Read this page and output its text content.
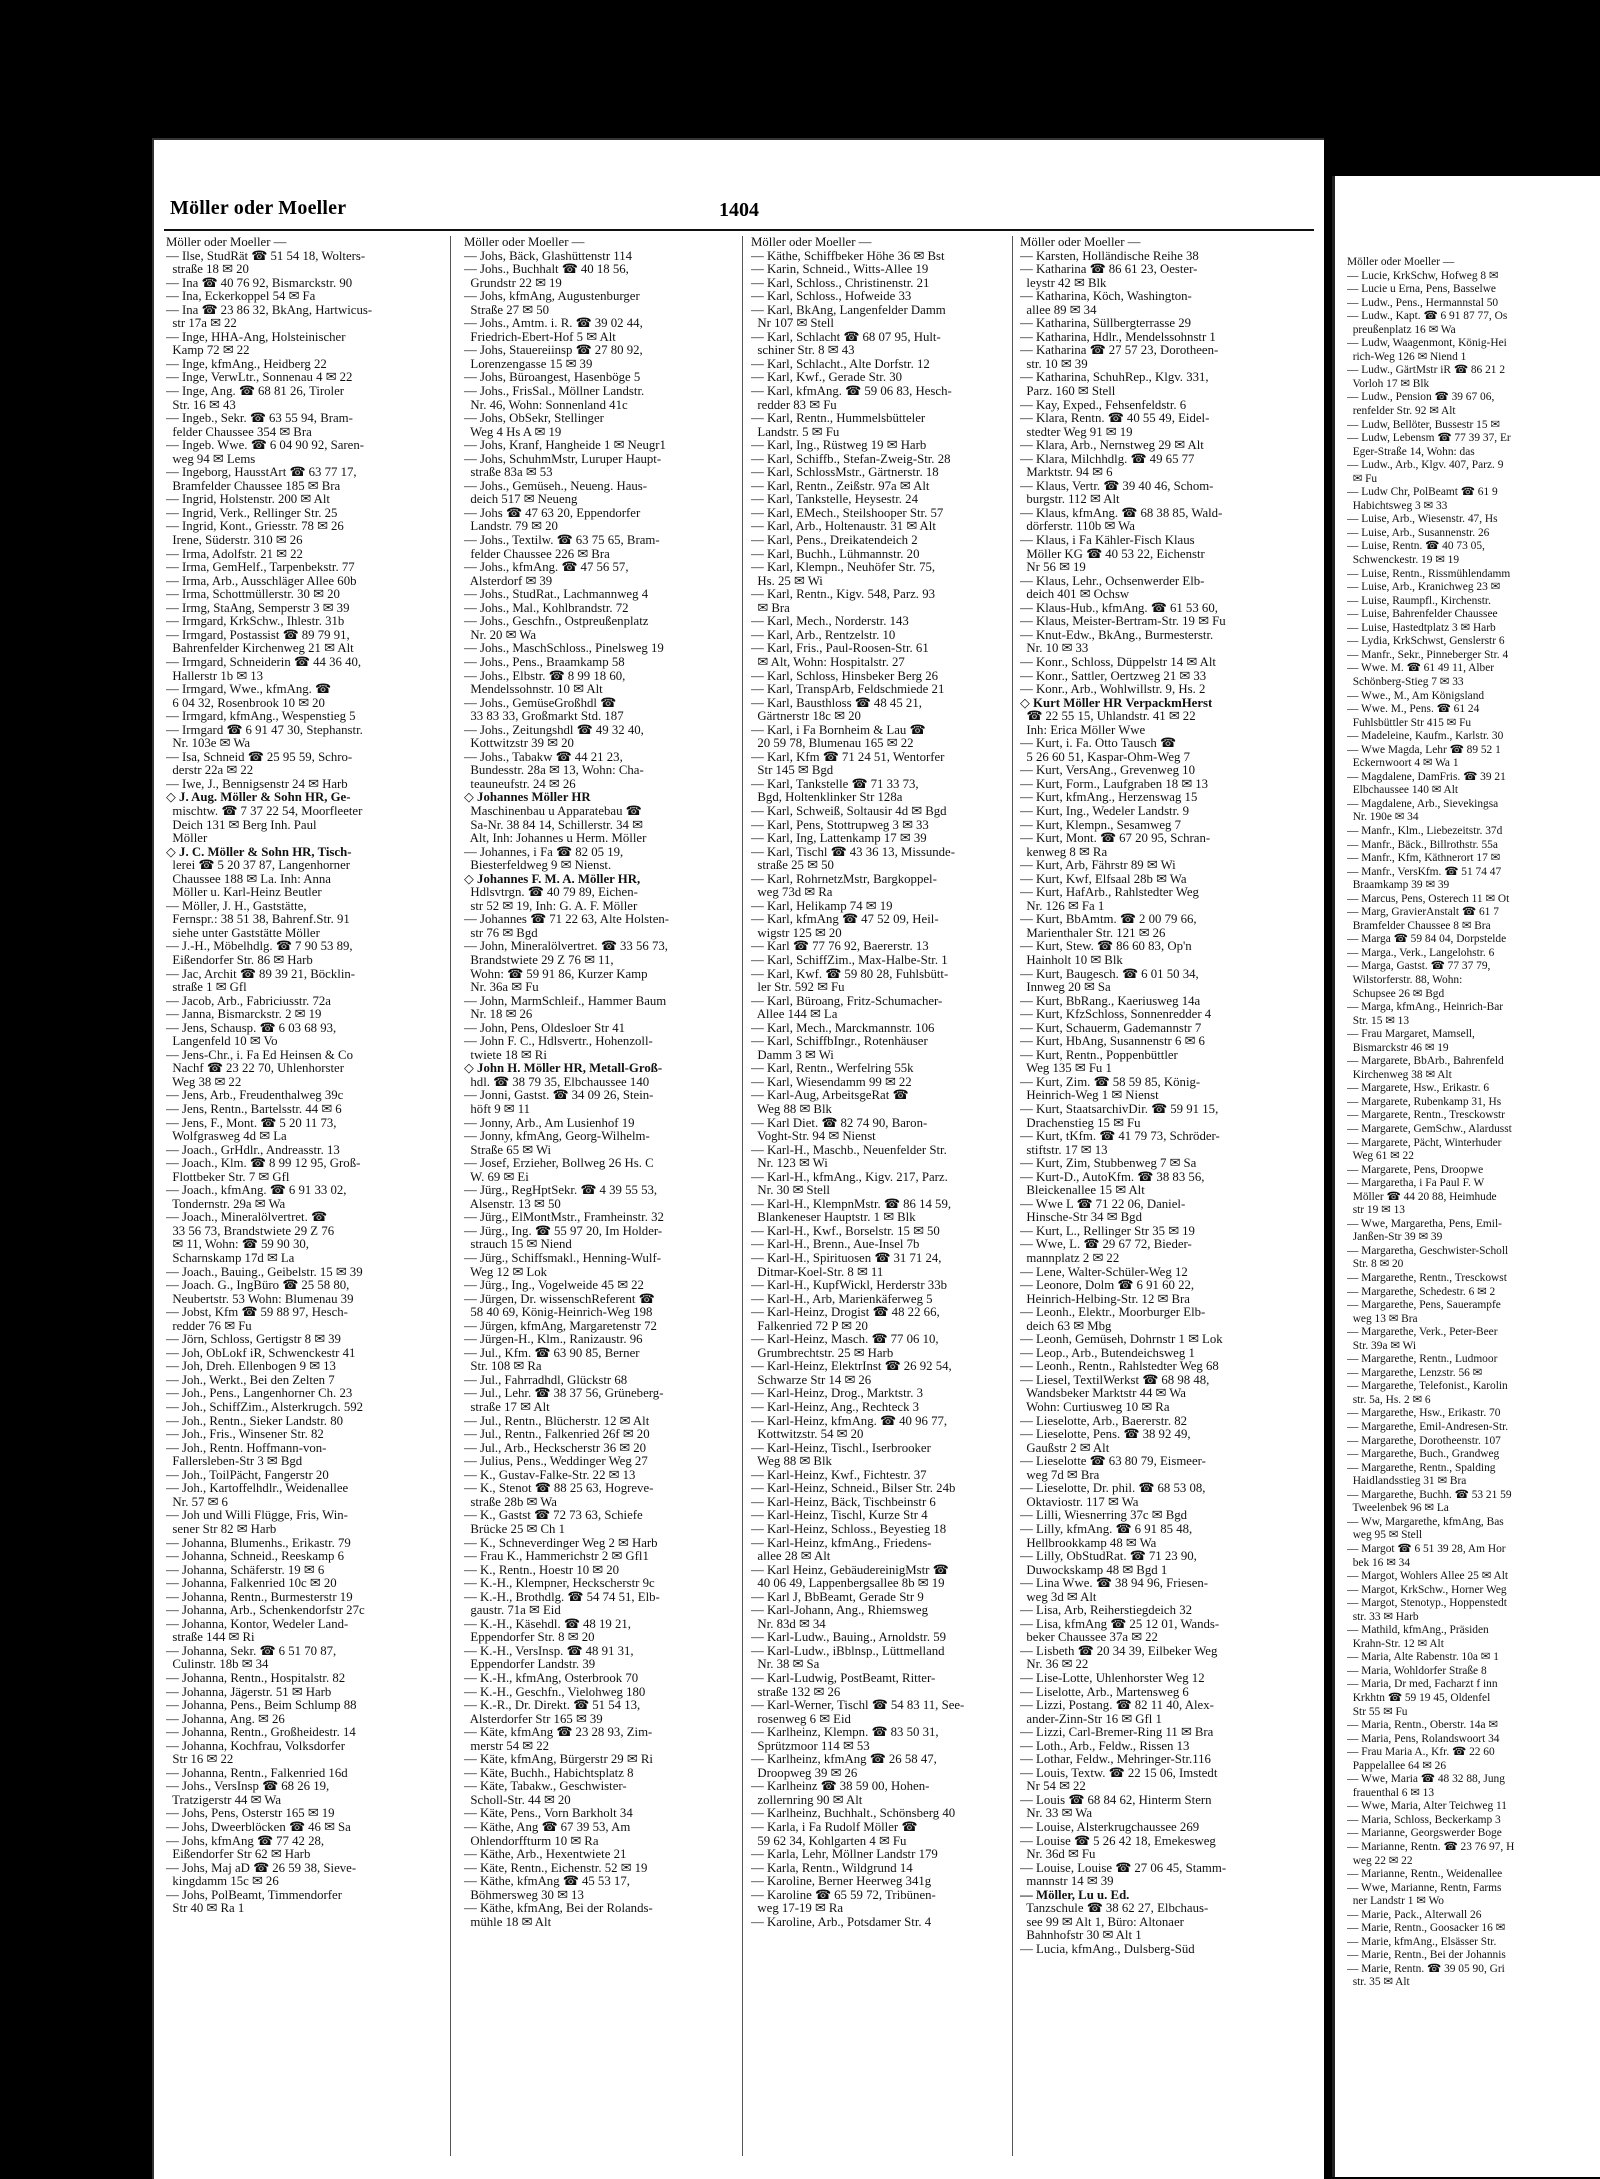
Möller oder Moeller	1404
Möller oder Moeller —
— Ilse, StudRät ☎ 51 54 18, Wolters-
straße 18 ✉ 20
— Ina ☎ 40 76 92, Bismarckstr. 90
— Ina, Eckerkoppel 54 ✉ Fa
— Ina ☎ 23 86 32, BkAng, Hartwicus-
str 17a ✉ 22
— Inge, HHA-Ang, Holsteinischer
Kamp 72 ✉ 22
— Inge, kfmAng., Heidberg 22
— Inge, VerwLtr., Sonnenau 4 ✉ 22
— Inge, Ang. ☎ 68 81 26, Tiroler
Str. 16 ✉ 43
— Ingeb., Sekr. ☎ 63 55 94, Bram-
felder Chaussee 354 ✉ Bra
— Ingeb. Wwe. ☎ 6 04 90 92, Saren-
weg 94 ✉ Lems
— Ingeborg, HausstArt ☎ 63 77 17,
Bramfelder Chaussee 185 ✉ Bra
— Ingrid, Holstenstr. 200 ✉ Alt
— Ingrid, Verk., Rellinger Str. 25
— Ingrid, Kont., Griesstr. 78 ✉ 26
Irene, Süderstr. 310 ✉ 26
— Irma, Adolfstr. 21 ✉ 22
— Irma, GemHelf., Tarpenbekstr. 77
— Irma, Arb., Ausschläger Allee 60b
— Irma, Schottmüllerstr. 30 ✉ 20
— Irmg, StaAng, Semperstr 3 ✉ 39
— Irmgard, KrkSchw., Ihlestr. 31b
— Irmgard, Postassist ☎ 89 79 91,
Bahrenfelder Kirchenweg 21 ✉ Alt
— Irmgard, Schneiderin ☎ 44 36 40,
Hallerstr 1b ✉ 13
— Irmgard, Wwe., kfmAng. ☎
6 04 32, Rosenbrook 10 ✉ 20
— Irmgard, kfmAng., Wespenstieg 5
— Irmgard ☎ 6 91 47 30, Stephanstr.
Nr. 103e ✉ Wa
— Isa, Schneid ☎ 25 95 59, Schro-
derstr 22a ✉ 22
— Iwe, J., Bennigsenstr 24 ✉ Harb
◇ J. Aug. Möller & Sohn HR, Ge-
mischtw. ☎ 7 37 22 54, Moorfleeter
Deich 131 ✉ Berg Inh. Paul
Möller
◇ J. C. Möller & Sohn HR, Tisch-
lerei ☎ 5 20 37 87, Langenhorner
Chaussee 188 ✉ La. Inh: Anna
Möller u. Karl-Heinz Beutler
— Möller, J. H., Gaststätte,
Fernspr.: 38 51 38, Bahrenf.Str. 91
siehe unter Gaststätte Möller
— J.-H., Möbelhdlg. ☎ 7 90 53 89,
Eißendorfer Str. 86 ✉ Harb
— Jac, Archit ☎ 89 39 21, Böcklin-
straße 1 ✉ Gfl
— Jacob, Arb., Fabriciusstr. 72a
— Janna, Bismarckstr. 2 ✉ 19
— Jens, Schausp. ☎ 6 03 68 93,
Langenfeld 10 ✉ Vo
— Jens-Chr., i. Fa Ed Heinsen & Co
Nachf ☎ 23 22 70, Uhlenhorster
Weg 38 ✉ 22
— Jens, Arb., Freudenthalweg 39c
— Jens, Rentn., Bartelsstr. 44 ✉ 6
— Jens, F., Mont. ☎ 5 20 11 73,
Wolfgrasweg 4d ✉ La
— Joach., GrHdlr., Andreasstr. 13
— Joach., Klm. ☎ 8 99 12 95, Groß-
Flottbeker Str. 7 ✉ Gfl
— Joach., kfmAng. ☎ 6 91 33 02,
Tondernstr. 29a ✉ Wa
— Joach., Mineralölvertret. ☎
33 56 73, Brandstwiete 29 Z 76
✉ 11, Wohn: ☎ 59 90 30,
Scharnskamp 17d ✉ La
— Joach., Bauing., Geibelstr. 15 ✉ 39
— Joach. G., IngBüro ☎ 25 58 80,
Neubertstr. 53 Wohn: Blumenau 39
— Jobst, Kfm ☎ 59 88 97, Hesch-
redder 76 ✉ Fu
— Jörn, Schloss, Gertigstr 8 ✉ 39
— Joh, ObLokf iR, Schwenckestr 41
— Joh, Dreh. Ellenbogen 9 ✉ 13
— Joh., Werkt., Bei den Zelten 7
— Joh., Pens., Langenhorner Ch. 23
— Joh., SchiffZim., Alsterkrugch. 592
— Joh., Rentn., Sieker Landstr. 80
— Joh., Fris., Winsener Str. 82
— Joh., Rentn. Hoffmann-von-
Fallersleben-Str 3 ✉ Bgd
— Joh., ToilPächt, Fangerstr 20
— Joh., Kartoffelhdlr., Weidenallee
Nr. 57 ✉ 6
— Joh und Willi Flügge, Fris, Win-
sener Str 82 ✉ Harb
— Johanna, Blumenhs., Erikastr. 79
— Johanna, Schneid., Reeskamp 6
— Johanna, Schäferstr. 19 ✉ 6
— Johanna, Falkenried 10c ✉ 20
— Johanna, Rentn., Burmesterstr 19
— Johanna, Arb., Schenkendorfstr 27c
— Johanna, Kontor, Wedeler Land-
straße 144 ✉ Ri
— Johanna, Sekr. ☎ 6 51 70 87,
Culinstr. 18b ✉ 34
— Johanna, Rentn., Hospitalstr. 82
— Johanna, Jägerstr. 51 ✉ Harb
— Johanna, Pens., Beim Schlump 88
— Johanna, Ang. ✉ 26
— Johanna, Rentn., Großheidestr. 14
— Johanna, Kochfrau, Volksdorfer
Str 16 ✉ 22
— Johanna, Rentn., Falkenried 16d
— Johs., VersInsp ☎ 68 26 19,
Tratzigerstr 44 ✉ Wa
— Johs, Pens, Osterstr 165 ✉ 19
— Johs, Dweerblöcken ☎ 46 ✉ Sa
— Johs, kfmAng ☎ 77 42 28,
Eißendorfer Str 62 ✉ Harb
— Johs, Maj aD ☎ 26 59 38, Sieve-
kingdamm 15c ✉ 26
— Johs, PolBeamt, Timmendorfer
Str 40 ✉ Ra 1
Möller oder Moeller —
— Johs, Bäck, Glashüttenstr 114
— Johs., Buchhalt ☎ 40 18 56,
Grundstr 22 ✉ 19
— Johs, kfmAng, Augustenburger
Straße 27 ✉ 50
— Johs., Amtm. i. R. ☎ 39 02 44,
Friedrich-Ebert-Hof 5 ✉ Alt
— Johs, Stauereiinsp ☎ 27 80 92,
Lorenzengasse 15 ✉ 39
— Johs, Büroangest, Hasenböge 5
— Johs., FrisSal., Möllner Landstr.
Nr. 46, Wohn: Sonnenland 41c
— Johs, ObSekr, Stellinger
Weg 4 Hs A ✉ 19
— Johs, Kranf, Hangheide 1 ✉ Neugr1
— Johs, SchuhmMstr, Luruper Haupt-
straße 83a ✉ 53
— Johs., Gemüseh., Neueng. Haus-
deich 517 ✉ Neueng
— Johs ☎ 47 63 20, Eppendorfer
Landstr. 79 ✉ 20
— Johs., Textilw. ☎ 63 75 65, Bram-
felder Chaussee 226 ✉ Bra
— Johs., kfmAng. ☎ 47 56 57,
Alsterdorf ✉ 39
— Johs., StudRat., Lachmannweg 4
— Johs., Mal., Kohlbrandstr. 72
— Johs., Geschfn., Ostpreußenplatz
Nr. 20 ✉ Wa
— Johs., MaschSchloss., Pinelsweg 19
— Johs., Pens., Braamkamp 58
— Johs., Elbstr. ☎ 8 99 18 60,
Mendelssohnstr. 10 ✉ Alt
— Johs., GemüseGroßhdl ☎
33 83 33, Großmarkt Std. 187
— Johs., Zeitungshdl ☎ 49 32 40,
Kottwitzstr 39 ✉ 20
— Johs., Tabakw ☎ 44 21 23,
Bundesstr. 28a ✉ 13, Wohn: Cha-
teauneufstr. 24 ✉ 26
◇ Johannes Möller HR
Maschinenbau u Apparatebau ☎
Sa-Nr. 38 84 14, Schillerstr. 34 ✉
Alt, Inh: Johannes u Herm. Möller
— Johannes, i Fa ☎ 82 05 19,
Biesterfeldweg 9 ✉ Nienst.
◇ Johannes F. M. A. Möller HR,
Hdlsvtrgn. ☎ 40 79 89, Eichen-
str 52 ✉ 19, Inh: G. A. F. Möller
— Johannes ☎ 71 22 63, Alte Holsten-
str 76 ✉ Bgd
— John, Mineralölvertret. ☎ 33 56 73,
Brandstwiete 29 Z 76 ✉ 11,
Wohn: ☎ 59 91 86, Kurzer Kamp
Nr. 36a ✉ Fu
— John, MarmSchleif., Hammer Baum
Nr. 18 ✉ 26
— John, Pens, Oldesloer Str 41
— John F. C., Hdlsvertr., Hohenzoll-
twiete 18 ✉ Ri
◇ John H. Möller HR, Metall-Groß-
hdl. ☎ 38 79 35, Elbchaussee 140
— Jonni, Gastst. ☎ 34 09 26, Stein-
höft 9 ✉ 11
— Jonny, Arb., Am Lusienhof 19
— Jonny, kfmAng, Georg-Wilhelm-
Straße 65 ✉ Wi
— Josef, Erzieher, Bollweg 26 Hs. C
W. 69 ✉ Ei
— Jürg., RegHptSekr. ☎ 4 39 55 53,
Alsenstr. 13 ✉ 50
— Jürg., ElMontMstr., Framheinstr. 32
— Jürg., Ing. ☎ 55 97 20, Im Holder-
strauch 15 ✉ Niend
— Jürg., Schiffsmakl., Henning-Wulf-
Weg 12 ✉ Lok
— Jürg., Ing., Vogelweide 45 ✉ 22
— Jürgen, Dr. wissenschReferent ☎
58 40 69, König-Heinrich-Weg 198
— Jürgen, kfmAng, Margaretenstr 72
— Jürgen-H., Klm., Ranizaustr. 96
— Jul., Kfm. ☎ 63 90 85, Berner
Str. 108 ✉ Ra
— Jul., Fahrradhdl, Glückstr 68
— Jul., Lehr. ☎ 38 37 56, Grüneberg-
straße 17 ✉ Alt
— Jul., Rentn., Blücherstr. 12 ✉ Alt
— Jul., Rentn., Falkenried 26f ✉ 20
— Jul., Arb., Heckscherstr 36 ✉ 20
— Julius, Pens., Weddinger Weg 27
— K., Gustav-Falke-Str. 22 ✉ 13
— K., Stenot ☎ 88 25 63, Hogreve-
straße 28b ✉ Wa
— K., Gastst ☎ 72 73 63, Schiefe
Brücke 25 ✉ Ch 1
— K., Schneverdinger Weg 2 ✉ Harb
— Frau K., Hammerichstr 2 ✉ Gfl1
— K., Rentn., Hoestr 10 ✉ 20
— K.-H., Klempner, Heckscherstr 9c
— K.-H., Brothdlg. ☎ 54 74 51, Elb-
gaustr. 71a ✉ Eid
— K.-H., Käsehdl. ☎ 48 19 21,
Eppendorfer Str. 8 ✉ 20
— K.-H., VersInsp. ☎ 48 91 31,
Eppendorfer Landstr. 39
— K.-H., kfmAng, Osterbrook 70
— K.-H., Geschfn., Vielohweg 180
— K.-R., Dr. Direkt. ☎ 51 54 13,
Alsterdorfer Str 165 ✉ 39
— Käte, kfmAng ☎ 23 28 93, Zim-
merstr 54 ✉ 22
— Käte, kfmAng, Bürgerstr 29 ✉ Ri
— Käte, Buchh., Habichtsplatz 8
— Käte, Tabakw., Geschwister-
Scholl-Str. 44 ✉ 20
— Käte, Pens., Vorn Barkholt 34
— Käthe, Ang ☎ 67 39 53, Am
Ohlendorffturm 10 ✉ Ra
— Käthe, Arb., Hexentwiete 21
— Käte, Rentn., Eichenstr. 52 ✉ 19
— Käthe, kfmAng ☎ 45 53 17,
Böhmersweg 30 ✉ 13
— Käthe, kfmAng, Bei der Rolands-
mühle 18 ✉ Alt
Möller oder Moeller —
— Käthe, Schiffbeker Höhe 36 ✉ Bst
— Karin, Schneid., Witts-Allee 19
— Karl, Schloss., Christinenstr. 21
— Karl, Schloss., Hofweide 33
— Karl, BkAng, Langenfelder Damm
Nr 107 ✉ Stell
— Karl, Schlacht ☎ 68 07 95, Hult-
schiner Str. 8 ✉ 43
— Karl, Schlacht., Alte Dorfstr. 12
— Karl, Kwf., Gerade Str. 30
— Karl, kfmAng. ☎ 59 06 83, Hesch-
redder 83 ✉ Fu
— Karl, Rentn., Hummelsbütteler
Landstr. 5 ✉ Fu
— Karl, Ing., Rüstweg 19 ✉ Harb
— Karl, Schiffb., Stefan-Zweig-Str. 28
— Karl, SchlossMstr., Gärtnerstr. 18
— Karl, Rentn., Zeißstr. 97a ✉ Alt
— Karl, Tankstelle, Heysestr. 24
— Karl, EMech., Steilshooper Str. 57
— Karl, Arb., Holtenaustr. 31 ✉ Alt
— Karl, Pens., Dreikatendeich 2
— Karl, Buchh., Lühmannstr. 20
— Karl, Klempn., Neuhöfer Str. 75,
Hs. 25 ✉ Wi
— Karl, Rentn., Kigv. 548, Parz. 93
✉ Bra
— Karl, Mech., Norderstr. 143
— Karl, Arb., Rentzelstr. 10
— Karl, Fris., Paul-Roosen-Str. 61
✉ Alt, Wohn: Hospitalstr. 27
— Karl, Schloss, Hinsbeker Berg 26
— Karl, TranspArb, Feldschmiede 21
— Karl, Bausthloss ☎ 48 45 21,
Gärtnerstr 18c ✉ 20
— Karl, i Fa Bornheim & Lau ☎
20 59 78, Blumenau 165 ✉ 22
— Karl, Kfm ☎ 71 24 51, Wentorfer
Str 145 ✉ Bgd
— Karl, Tankstelle ☎ 71 33 73,
Bgd, Holtenklinker Str 128a
— Karl, Schweiß, Soltausir 4d ✉ Bgd
— Karl, Pens, Stottrupweg 3 ✉ 33
— Karl, Ing, Lattenkamp 17 ✉ 39
— Karl, Tischl ☎ 43 36 13, Missunde-
straße 25 ✉ 50
— Karl, RohrnetzMstr, Bargkoppel-
weg 73d ✉ Ra
— Karl, Helikamp 74 ✉ 19
— Karl, kfmAng ☎ 47 52 09, Heil-
wigstr 125 ✉ 20
— Karl ☎ 77 76 92, Baererstr. 13
— Karl, SchiffZim., Max-Halbe-Str. 1
— Karl, Kwf. ☎ 59 80 28, Fuhlsbütt-
ler Str. 592 ✉ Fu
— Karl, Büroang, Fritz-Schumacher-
Allee 144 ✉ La
— Karl, Mech., Marckmannstr. 106
— Karl, SchiffbIngr., Rotenhäuser
Damm 3 ✉ Wi
— Karl, Rentn., Werfelring 55k
— Karl, Wiesendamm 99 ✉ 22
— Karl-Aug, ArbeitsgeRat ☎
Weg 88 ✉ Blk
— Karl Diet. ☎ 82 74 90, Baron-
Voght-Str. 94 ✉ Nienst
— Karl-H., Maschb., Neuenfelder Str.
Nr. 123 ✉ Wi
— Karl-H., kfmAng., Kigv. 217, Parz.
Nr. 30 ✉ Stell
— Karl-H., KlempnMstr. ☎ 86 14 59,
Blankeneser Hauptstr. 1 ✉ Blk
— Karl-H., Kwf., Borselstr. 15 ✉ 50
— Karl-H., Brenn., Aue-Insel 7b
— Karl-H., Spirituosen ☎ 31 71 24,
Ditmar-Koel-Str. 8 ✉ 11
— Karl-H., KupfWickl, Herderstr 33b
— Karl-H., Arb, Marienkäferweg 5
— Karl-Heinz, Drogist ☎ 48 22 66,
Falkenried 72 P ✉ 20
— Karl-Heinz, Masch. ☎ 77 06 10,
Grumbrechtstr. 25 ✉ Harb
— Karl-Heinz, ElektrInst ☎ 26 92 54,
Schwarze Str 14 ✉ 26
— Karl-Heinz, Drog., Marktstr. 3
— Karl-Heinz, Ang., Rechteck 3
— Karl-Heinz, kfmAng. ☎ 40 96 77,
Kottwitzstr. 54 ✉ 20
— Karl-Heinz, Tischl., Iserbrooker
Weg 88 ✉ Blk
— Karl-Heinz, Kwf., Fichtestr. 37
— Karl-Heinz, Schneid., Bilser Str. 24b
— Karl-Heinz, Bäck, Tischbeinstr 6
— Karl-Heinz, Tischl, Kurze Str 4
— Karl-Heinz, Schloss., Beyestieg 18
— Karl-Heinz, kfmAng., Friedens-
allee 28 ✉ Alt
— Karl Heinz, GebäudereinigMstr ☎
40 06 49, Lappenbergsallee 8b ✉ 19
— Karl J, BbBeamt, Gerade Str 9
— Karl-Johann, Ang., Rhiemsweg
Nr. 83d ✉ 34
— Karl-Ludw., Bauing., Arnoldstr. 59
— Karl-Ludw., iBblnsp., Lüttmelland
Nr. 38 ✉ Sa
— Karl-Ludwig, PostBeamt, Ritter-
straße 132 ✉ 26
— Karl-Werner, Tischl ☎ 54 83 11, See-
rosenweg 6 ✉ Eid
— Karlheinz, Klempn. ☎ 83 50 31,
Sprützmoor 114 ✉ 53
— Karlheinz, kfmAng ☎ 26 58 47,
Droopweg 39 ✉ 26
— Karlheinz ☎ 38 59 00, Hohen-
zollernring 90 ✉ Alt
— Karlheinz, Buchhalt., Schönsberg 40
— Karla, i Fa Rudolf Möller ☎
59 62 34, Kohlgarten 4 ✉ Fu
— Karla, Lehr, Möllner Landstr 179
— Karla, Rentn., Wildgrund 14
— Karoline, Berner Heerweg 341g
— Karoline ☎ 65 59 72, Tribünen-
weg 17-19 ✉ Ra
— Karoline, Arb., Potsdamer Str. 4
Möller oder Moeller —
— Karsten, Holländische Reihe 38
— Katharina ☎ 86 61 23, Oester-
leystr 42 ✉ Blk
— Katharina, Köch, Washington-
allee 89 ✉ 34
— Katharina, Süllbergterrasse 29
— Katharina, Hdlr., Mendelssohnstr 1
— Katharina ☎ 27 57 23, Dorotheen-
str. 10 ✉ 39
— Katharina, SchuhRep., Klgv. 331,
Parz. 160 ✉ Stell
— Kay, Exped., Fehsenfeldstr. 6
— Klara, Rentn. ☎ 40 55 49, Eidel-
stedter Weg 91 ✉ 19
— Klara, Arb., Nernstweg 29 ✉ Alt
— Klara, Milchhdlg. ☎ 49 65 77
Marktstr. 94 ✉ 6
— Klaus, Vertr. ☎ 39 40 46, Schom-
burgstr. 112 ✉ Alt
— Klaus, kfmAng. ☎ 68 38 85, Wald-
dörferstr. 110b ✉ Wa
— Klaus, i Fa Kähler-Fisch Klaus
Möller KG ☎ 40 53 22, Eichenstr
Nr 56 ✉ 19
— Klaus, Lehr., Ochsenwerder Elb-
deich 401 ✉ Ochsw
— Klaus-Hub., kfmAng. ☎ 61 53 60,
— Klaus, Meister-Bertram-Str. 19 ✉ Fu
— Knut-Edw., BkAng., Burmesterstr.
Nr. 10 ✉ 33
— Konr., Schloss, Düppelstr 14 ✉ Alt
— Konr., Sattler, Oertzweg 21 ✉ 33
— Konr., Arb., Wohlwillstr. 9, Hs. 2
◇ Kurt Möller HR VerpackmHerst
☎ 22 55 15, Uhlandstr. 41 ✉ 22
Inh: Erica Möller Wwe
— Kurt, i. Fa. Otto Tausch ☎
5 26 60 51, Kaspar-Ohm-Weg 7
— Kurt, VersAng., Grevenweg 10
— Kurt, Form., Laufgraben 18 ✉ 13
— Kurt, kfmAng., Herzenswag 15
— Kurt, Ing., Wedeler Landstr. 9
— Kurt, Klempn., Sesamweg 7
— Kurt, Mont. ☎ 67 20 95, Schran-
kenweg 8 ✉ Ra
— Kurt, Arb, Fährstr 89 ✉ Wi
— Kurt, Kwf, Elfsaal 28b ✉ Wa
— Kurt, HafArb., Rahlstedter Weg
Nr. 126 ✉ Fa 1
— Kurt, BbAmtm. ☎ 2 00 79 66,
Marienthaler Str. 121 ✉ 26
— Kurt, Stew. ☎ 86 60 83, Op'n
Hainholt 10 ✉ Blk
— Kurt, Baugesch. ☎ 6 01 50 34,
Innweg 20 ✉ Sa
— Kurt, BbRang., Kaeriusweg 14a
— Kurt, KfzSchloss, Sonnenredder 4
— Kurt, Schauerm, Gademannstr 7
— Kurt, HbAng, Susannenstr 6 ✉ 6
— Kurt, Rentn., Poppenbüttler
Weg 135 ✉ Fu 1
— Kurt, Zim. ☎ 58 59 85, König-
Heinrich-Weg 1 ✉ Nienst
— Kurt, StaatsarchivDir. ☎ 59 91 15,
Drachenstieg 15 ✉ Fu
— Kurt, tKfm. ☎ 41 79 73, Schröder-
stiftstr. 17 ✉ 13
— Kurt, Zim, Stubbenweg 7 ✉ Sa
— Kurt-D., AutoKfm. ☎ 38 83 56,
Bleickenallee 15 ✉ Alt
— Wwe L ☎ 71 22 06, Daniel-
Hinsche-Str 34 ✉ Bgd
— Kurt, L., Rellinger Str 35 ✉ 19
— Wwe, L. ☎ 29 67 72, Bieder-
mannplatz 2 ✉ 22
— Lene, Walter-Schüler-Weg 12
— Leonore, Dolm ☎ 6 91 60 22,
Heinrich-Helbing-Str. 12 ✉ Bra
— Leonh., Elektr., Moorburger Elb-
deich 63 ✉ Mbg
— Leonh, Gemüseh, Dohrnstr 1 ✉ Lok
— Leop., Arb., Butendeichsweg 1
— Leonh., Rentn., Rahlstedter Weg 68
— Liesel, TextilWerkst ☎ 68 98 48,
Wandsbeker Marktstr 44 ✉ Wa
Wohn: Curtiusweg 10 ✉ Ra
— Lieselotte, Arb., Baererstr. 82
— Lieselotte, Pens. ☎ 38 92 49,
Gaußstr 2 ✉ Alt
— Lieselotte ☎ 63 80 79, Eismeer-
weg 7d ✉ Bra
— Lieselotte, Dr. phil. ☎ 68 53 08,
Oktaviostr. 117 ✉ Wa
— Lilli, Wiesnerring 37c ✉ Bgd
— Lilly, kfmAng. ☎ 6 91 85 48,
Hellbrookkamp 48 ✉ Wa
— Lilly, ObStudRat. ☎ 71 23 90,
Duwockskamp 48 ✉ Bgd 1
— Lina Wwe. ☎ 38 94 96, Friesen-
weg 3d ✉ Alt
— Lisa, Arb, Reiherstiegdeich 32
— Lisa, kfmAng ☎ 25 12 01, Wands-
beker Chaussee 37a ✉ 22
— Lisbeth ☎ 20 34 39, Eilbeker Weg
Nr. 36 ✉ 22
— Lise-Lotte, Uhlenhorster Weg 12
— Liselotte, Arb., Martensweg 6
— Lizzi, Postang. ☎ 82 11 40, Alex-
ander-Zinn-Str 16 ✉ Gfl 1
— Lizzi, Carl-Bremer-Ring 11 ✉ Bra
— Loth., Arb., Feldw., Rissen 13
— Lothar, Feldw., Mehringer-Str.116
— Louis, Textw. ☎ 22 15 06, Imstedt
Nr 54 ✉ 22
— Louis ☎ 68 84 62, Hinterm Stern
Nr. 33 ✉ Wa
— Louise, Alsterkrugchaussee 269
— Louise ☎ 5 26 42 18, Emekesweg
Nr. 36d ✉ Fu
— Louise, Louise ☎ 27 06 45, Stamm-
mannstr 14 ✉ 39
— Möller, Lu u. Ed.
Tanzschule ☎ 38 62 27, Elbchaus-
see 99 ✉ Alt 1, Büro: Altonaer
Bahnhofstr 30 ✉ Alt 1
— Lucia, kfmAng., Dulsberg-Süd
Möller oder Moeller —
— Lucie, KrkSchw, Hofweg 8 ✉
— Lucie u Erna, Pens, Basselwe
— Ludw., Pens., Hermannstal 50
— Ludw., Kapt. ☎ 6 91 87 77, Os
preußenplatz 16 ✉ Wa
— Ludw, Waagenmont, König-Hei
rich-Weg 126 ✉ Niend 1
— Ludw., GärtMstr iR ☎ 86 21 2
Vorloh 17 ✉ Blk
— Ludw., Pension ☎ 39 67 06,
renfelder Str. 92 ✉ Alt
— Ludw, Bellöter, Bussestr 15 ✉
— Ludw, Lebensm ☎ 77 39 37, Er
Eger-Straße 14, Wohn: das
— Ludw., Arb., Klgv. 407, Parz. 9
✉ Fu
— Ludw Chr, PolBeamt ☎ 61 9
Habichtsweg 3 ✉ 33
— Luise, Arb., Wiesenstr. 47, Hs
— Luise, Arb., Susannenstr. 26
— Luise, Rentn. ☎ 40 73 05,
Schwenckestr. 19 ✉ 19
— Luise, Rentn., Rissmühlendamm
— Luise, Arb., Kranichweg 23 ✉
— Luise, Raumpfl., Kirchenstr.
— Luise, Bahrenfelder Chaussee
— Luise, Hastedtplatz 3 ✉ Harb
— Lydia, KrkSchwst, Genslerstr 6
— Manfr., Sekr., Pinneberger Str. 4
— Wwe. M. ☎ 61 49 11, Alber
Schönberg-Stieg 7 ✉ 33
— Wwe., M., Am Königsland
— Wwe. M., Pens. ☎ 61 24
Fuhlsbüttler Str 415 ✉ Fu
— Madeleine, Kaufm., Karlstr. 30
— Wwe Magda, Lehr ☎ 89 52 1
Eckernwoort 4 ✉ Wa 1
— Magdalene, DamFris. ☎ 39 21
Elbchaussee 140 ✉ Alt
— Magdalene, Arb., Sievekingsa
Nr. 190e ✉ 34
— Manfr., Klm., Liebezeitstr. 37d
— Manfr., Bäck., Billrothstr. 55a
— Manfr., Kfm, Käthnerort 17 ✉
— Manfr., VersKfm. ☎ 51 74 47
Braamkamp 39 ✉ 39
— Marcus, Pens, Osterech 11 ✉ Ot
— Marg, GravierAnstalt ☎ 61 7
Bramfelder Chaussee 8 ✉ Bra
— Marga ☎ 59 84 04, Dorpstelde
— Marga., Verk., Langelohstr. 6
— Marga, Gastst. ☎ 77 37 79,
Wilstorferstr. 88, Wohn:
Schupsee 26 ✉ Bgd
— Marga, kfmAng., Heinrich-Bar
Str. 15 ✉ 13
— Frau Margaret, Mamsell,
Bismarckstr 46 ✉ 19
— Margarete, BbArb., Bahrenfeld
Kirchenweg 38 ✉ Alt
— Margarete, Hsw., Erikastr. 6
— Margarete, Rubenkamp 31, Hs
— Margarete, Rentn., Tresckowstr
— Margarete, GemSchw., Alardusst
— Margarete, Pächt, Winterhuder
Weg 61 ✉ 22
— Margarete, Pens, Droopwe
— Margaretha, i Fa Paul F. W
Möller ☎ 44 20 88, Heimhude
str 19 ✉ 13
— Wwe, Margaretha, Pens, Emil-
Janßen-Str 39 ✉ 39
— Margaretha, Geschwister-Scholl
Str. 8 ✉ 20
— Margarethe, Rentn., Tresckowst
— Margarethe, Schedestr. 6 ✉ 2
— Margarethe, Pens, Sauerampfe
weg 13 ✉ Bra
— Margarethe, Verk., Peter-Beer
Str. 39a ✉ Wi
— Margarethe, Rentn., Ludmoor
— Margarethe, Lenzstr. 56 ✉
— Margarethe, Telefonist., Karolin
str. 5a, Hs. 2 ✉ 6
— Margarethe, Hsw., Erikastr. 70
— Margarethe, Emil-Andresen-Str.
— Margarethe, Dorotheenstr. 107
— Margarethe, Buch., Grandweg
— Margarethe, Rentn., Spalding
Haidlandsstieg 31 ✉ Bra
— Margarethe, Buchh. ☎ 53 21 59
Tweelenbek 96 ✉ La
— Ww, Margarethe, kfmAng, Bas
weg 95 ✉ Stell
— Margot ☎ 6 51 39 28, Am Hor
bek 16 ✉ 34
— Margot, Wohlers Allee 25 ✉ Alt
— Margot, KrkSchw., Horner Weg
— Margot, Stenotyp., Hoppenstedt
str. 33 ✉ Harb
— Mathild, kfmAng., Präsiden
Krahn-Str. 12 ✉ Alt
— Maria, Alte Rabenstr. 10a ✉ 1
— Maria, Wohldorfer Straße 8
— Maria, Dr med, Facharzt f inn
Krkhtn ☎ 59 19 45, Oldenfel
Str 55 ✉ Fu
— Maria, Rentn., Oberstr. 14a ✉
— Maria, Pens, Rolandswoort 34
— Frau Maria A., Kfr. ☎ 22 60
Pappelallee 64 ✉ 26
— Wwe, Maria ☎ 48 32 88, Jung
frauenthal 6 ✉ 13
— Wwe, Maria, Alter Teichweg 11
— Maria, Schloss, Beckerkamp 3
— Marianne, Georgswerder Boge
— Marianne, Rentn. ☎ 23 76 97, H
weg 22 ✉ 22
— Marianne, Rentn., Weidenallee
— Wwe, Marianne, Rentn, Farms
ner Landstr 1 ✉ Wo
— Marie, Pack., Alterwall 26
— Marie, Rentn., Goosacker 16 ✉
— Marie, kfmAng., Elsässer Str.
— Marie, Rentn., Bei der Johannis
— Marie, Rentn. ☎ 39 05 90, Gri
str. 35 ✉ Alt
